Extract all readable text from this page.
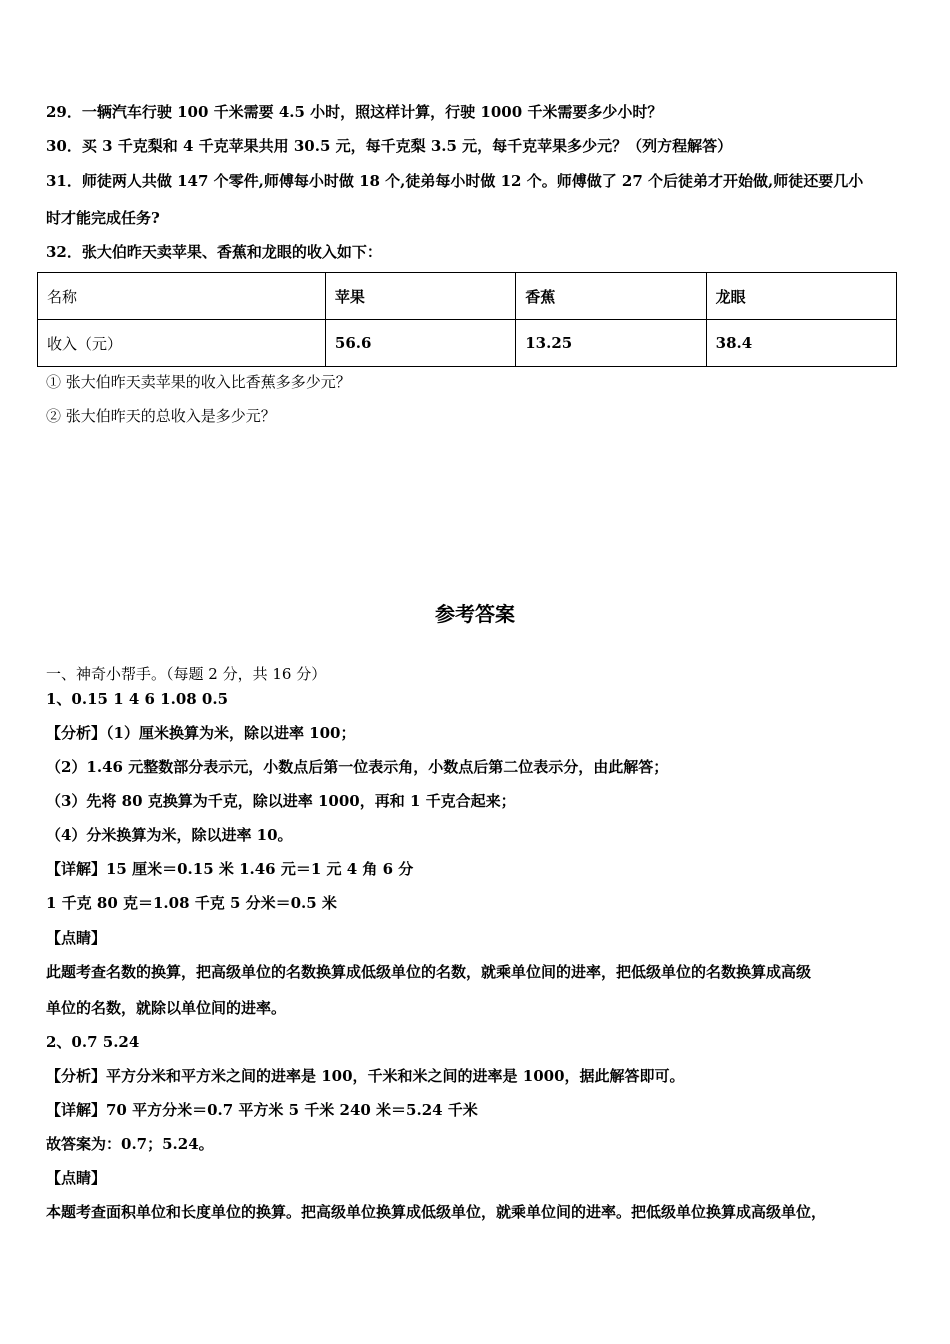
29．一辆汽车行驶 100 千米需要 4.5 小时，照这样计算，行驶 1000 千米需要多少小时？
30．买 3 千克梨和 4 千克苹果共用 30.5 元，每千克梨 3.5 元，每千克苹果多少元？（列方程解答）
31．师徒两人共做 147 个零件,师傅每小时做 18 个,徒弟每小时做 12 个。师傅做了 27 个后徒弟才开始做,师徒还要几小
时才能完成任务?
32．张大伯昨天卖苹果、香蕉和龙眼的收入如下：
名称	苹果	香蕉	龙眼
收入（元）	56.6	13.25	38.4
① 张大伯昨天卖苹果的收入比香蕉多多少元？
② 张大伯昨天的总收入是多少元？
参考答案
一、神奇小帮手。（每题 2 分，共 16 分）
1、0.15 1 4 6 1.08 0.5
【分析】（1）厘米换算为米，除以进率 100；
（2）1.46 元整数部分表示元，小数点后第一位表示角，小数点后第二位表示分，由此解答；
（3）先将 80 克换算为千克，除以进率 1000，再和 1 千克合起来；
（4）分米换算为米，除以进率 10。
【详解】15 厘米＝0.15 米 1.46 元＝1 元 4 角 6 分
1 千克 80 克＝1.08 千克 5 分米＝0.5 米
【点睛】
此题考查名数的换算，把高级单位的名数换算成低级单位的名数，就乘单位间的进率，把低级单位的名数换算成高级
单位的名数，就除以单位间的进率。
2、0.7 5.24
【分析】平方分米和平方米之间的进率是 100，千米和米之间的进率是 1000，据此解答即可。
【详解】70 平方分米＝0.7 平方米 5 千米 240 米＝5.24 千米
故答案为：0.7；5.24。
【点睛】
本题考查面积单位和长度单位的换算。把高级单位换算成低级单位，就乘单位间的进率。把低级单位换算成高级单位，
